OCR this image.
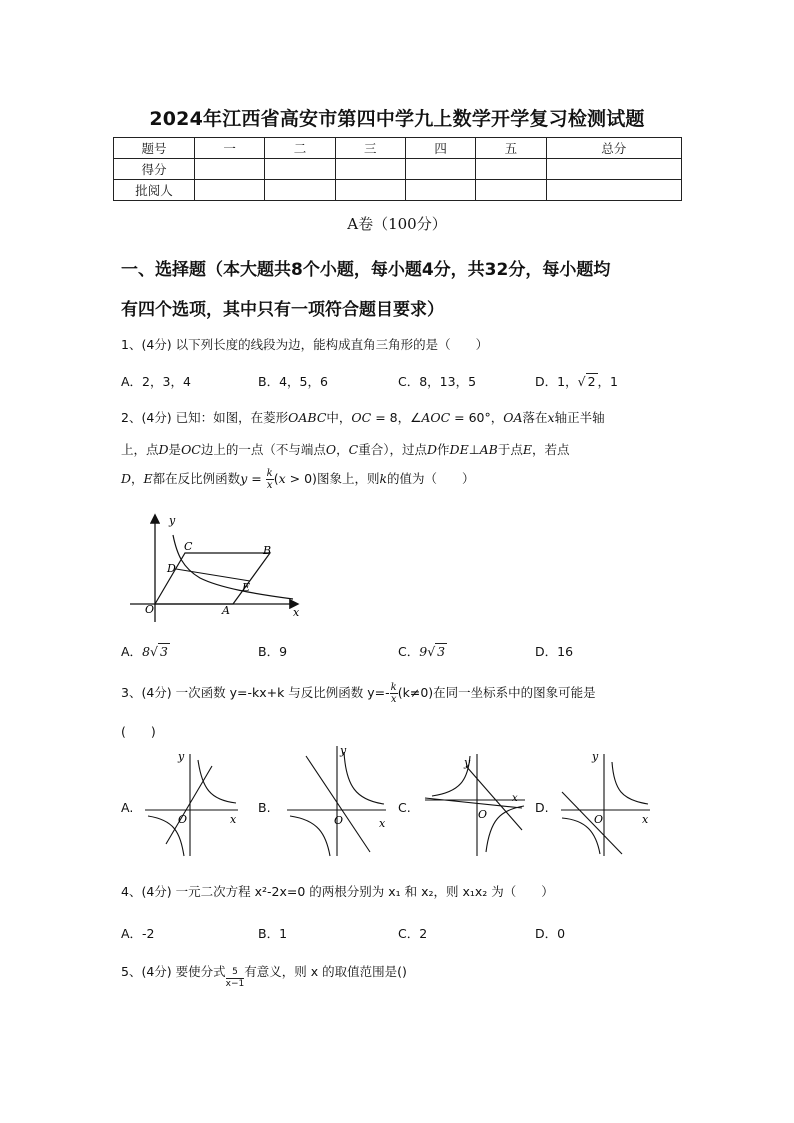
2024年江西省高安市第四中学九上数学开学复习检测试题
题号	一	二	三	四	五	总分
得分						
批阅人						
A卷（100分）
一、选择题（本大题共8个小题，每小题4分，共32分，每小题均
有四个选项，其中只有一项符合题目要求）
1、(4分) 以下列长度的线段为边，能构成直角三角形的是（　　）
A．2，3，4	B．4，5，6	C．8，13，5	D．1，√ 2 ，1
2、(4分) 已知：如图，在菱形OABC中，OC = 8，∠AOC = 60°，OA落在x轴正半轴
上，点D是OC边上的一点（不与端点O，C重合），过点D作DE⊥AB于点E，若点
D，E都在反比例函数$y = \frac{k}{x} (x > 0)$图象上，则k的值为（　　）
y
x
O	A
B
C
D
E
A．8√ 3	B．9	C．9√ 3	D．16
3、(4分) 一次函数 y=-kx+k 与反比例函数 $y=- \frac{k}{x} (k\ne 0)$在同一坐标系中的图象可能是
(　　)
A.	B.	C.	D.
y
x
O
y
x
O
y
x
O
y
x
O
4、(4分) 一元二次方程 x²-2x=0 的两根分别为 x₁ 和 x₂，则 x₁x₂ 为（　　）
A．-2	B．1	C．2	D．0
5、(4分) 要使分式 $\frac{5}{x-1}$ 有意义，则 x 的取值范围是()
